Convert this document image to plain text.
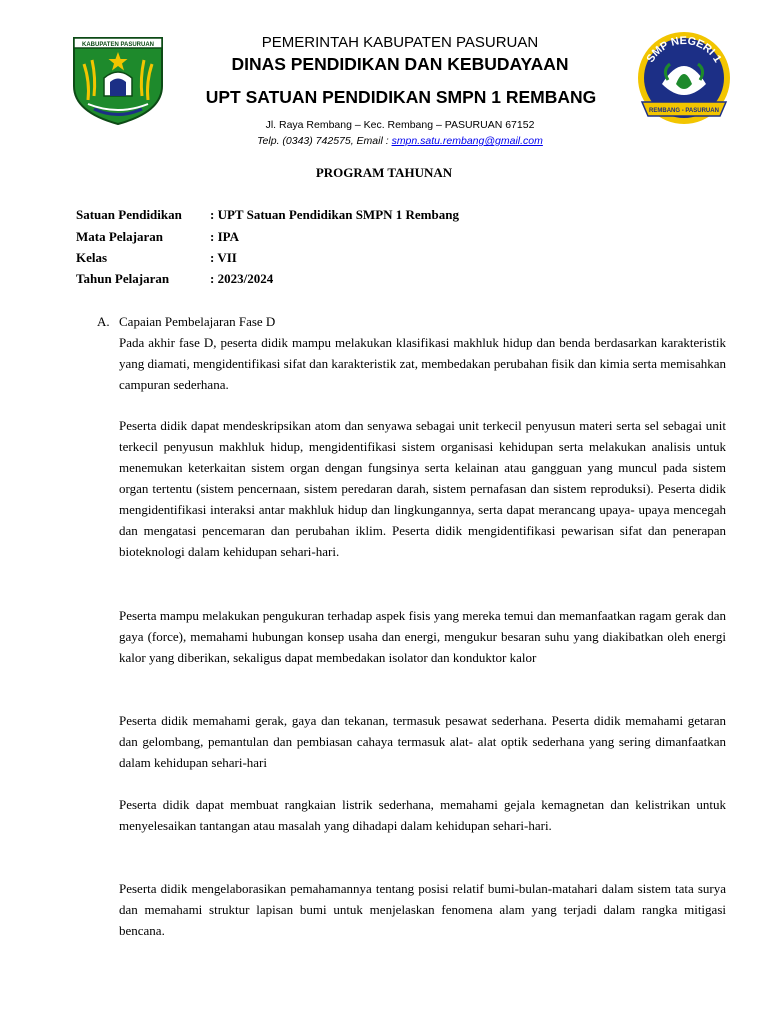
KABUPATEN PASURUAN	PEMERINTAH KABUPATEN PASURUAN
DINAS PENDIDIKAN DAN KEBUDAYAAN
UPT SATUAN PENDIDIKAN SMPN 1 REMBANG
Jl. Raya Rembang – Kec. Rembang – PASURUAN 67152
Telp. (0343) 742575, Email : smpn.satu.rembang@gmail.com
SMP NEGERI 1
REMBANG - PASURUAN
PROGRAM TAHUNAN
Satuan Pendidikan : UPT Satuan Pendidikan SMPN 1 Rembang
Mata Pelajaran	: IPA
Kelas	: VII
Tahun Pelajaran	: 2023/2024
A. Capaian Pembelajaran Fase D

Pada akhir fase D, peserta didik mampu melakukan klasifikasi makhluk hidup dan benda berdasarkan karakteristik yang diamati, mengidentifikasi sifat dan karakteristik zat, membedakan perubahan fisik dan kimia serta memisahkan campuran sederhana.

Peserta didik dapat mendeskripsikan atom dan senyawa sebagai unit terkecil penyusun materi serta sel sebagai unit terkecil penyusun makhluk hidup, mengidentifikasi sistem organisasi kehidupan serta melakukan analisis untuk menemukan keterkaitan sistem organ dengan fungsinya serta kelainan atau gangguan yang muncul pada sistem organ tertentu (sistem pencernaan, sistem peredaran darah, sistem pernafasan dan sistem reproduksi). Peserta didik mengidentifikasi interaksi antar makhluk hidup dan lingkungannya, serta dapat merancang upaya- upaya mencegah dan mengatasi pencemaran dan perubahan iklim. Peserta didik mengidentifikasi pewarisan sifat dan penerapan bioteknologi dalam kehidupan sehari-hari.

Peserta mampu melakukan pengukuran terhadap aspek fisis yang mereka temui dan memanfaatkan ragam gerak dan gaya (force), memahami hubungan konsep usaha dan energi, mengukur besaran suhu yang diakibatkan oleh energi kalor yang diberikan, sekaligus dapat membedakan isolator dan konduktor kalor

Peserta didik memahami gerak, gaya dan tekanan, termasuk pesawat sederhana. Peserta didik memahami getaran dan gelombang, pemantulan dan pembiasan cahaya termasuk alat- alat optik sederhana yang sering dimanfaatkan dalam kehidupan sehari-hari

Peserta didik dapat membuat rangkaian listrik sederhana, memahami gejala kemagnetan dan kelistrikan untuk menyelesaikan tantangan atau masalah yang dihadapi dalam kehidupan sehari-hari.

Peserta didik mengelaborasikan pemahamannya tentang posisi relatif bumi-bulan-matahari dalam sistem tata surya dan memahami struktur lapisan bumi untuk menjelaskan fenomena alam yang terjadi dalam rangka mitigasi bencana.
